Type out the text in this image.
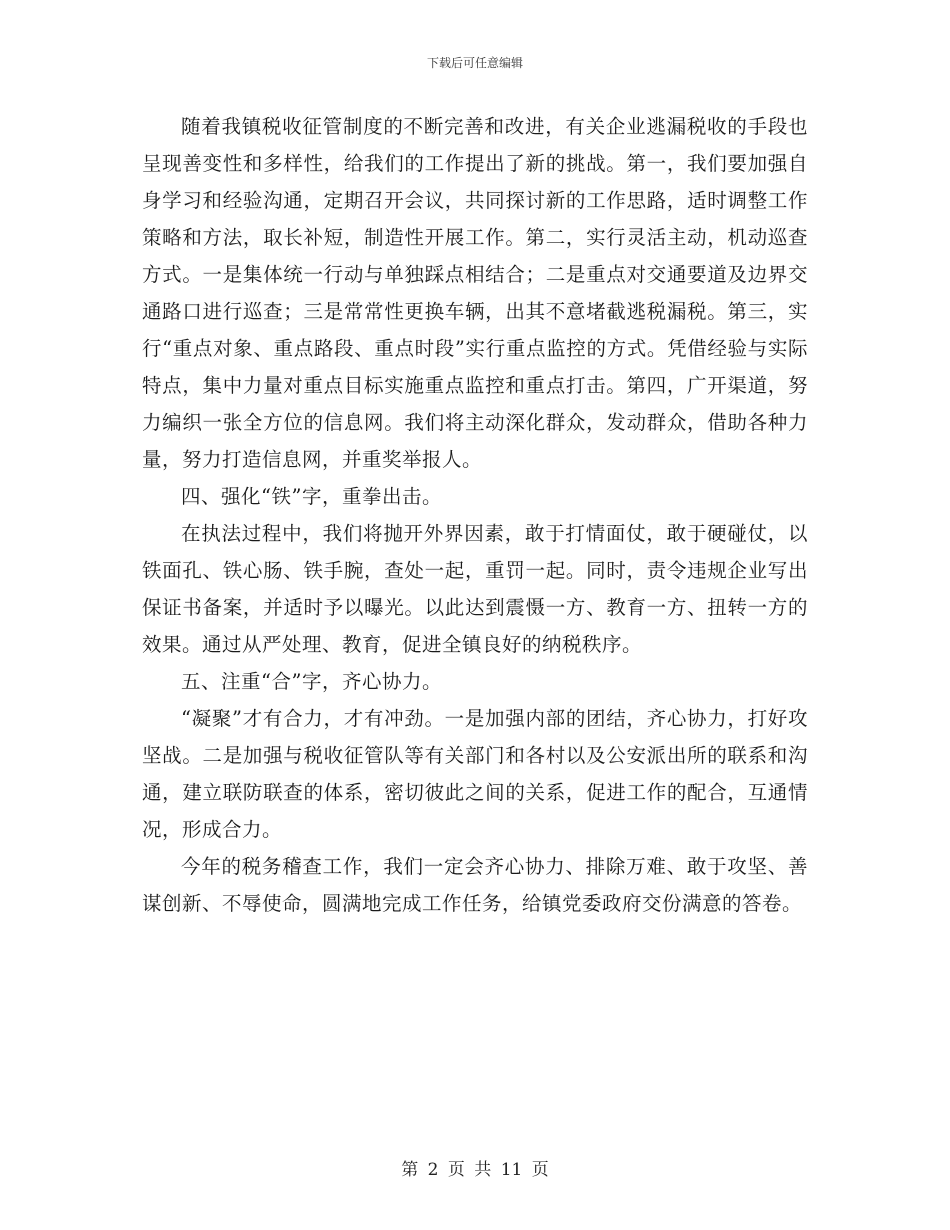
下载后可任意编辑

随着我镇税收征管制度的不断完善和改进，有关企业逃漏税收的手段也呈现善变性和多样性，给我们的工作提出了新的挑战。第一，我们要加强自身学习和经验沟通，定期召开会议，共同探讨新的工作思路，适时调整工作策略和方法，取长补短，制造性开展工作。第二，实行灵活主动，机动巡查方式。一是集体统一行动与单独踩点相结合；二是重点对交通要道及边界交通路口进行巡查；三是常常性更换车辆，出其不意堵截逃税漏税。第三，实行“重点对象、重点路段、重点时段”实行重点监控的方式。凭借经验与实际特点，集中力量对重点目标实施重点监控和重点打击。第四，广开渠道，努力编织一张全方位的信息网。我们将主动深化群众，发动群众，借助各种力量，努力打造信息网，并重奖举报人。

四、强化“铁”字，重拳出击。

在执法过程中，我们将抛开外界因素，敢于打情面仗，敢于硬碰仗，以铁面孔、铁心肠、铁手腕，查处一起，重罚一起。同时，责令违规企业写出保证书备案，并适时予以曝光。以此达到震慑一方、教育一方、扭转一方的效果。通过从严处理、教育，促进全镇良好的纳税秩序。

五、注重“合”字，齐心协力。

“凝聚”才有合力，才有冲劲。一是加强内部的团结，齐心协力，打好攻坚战。二是加强与税收征管队等有关部门和各村以及公安派出所的联系和沟通，建立联防联查的体系，密切彼此之间的关系，促进工作的配合，互通情况，形成合力。

今年的税务稽查工作，我们一定会齐心协力、排除万难、敢于攻坚、善谋创新、不辱使命，圆满地完成工作任务，给镇党委政府交份满意的答卷。

第 2 页 共 11 页
